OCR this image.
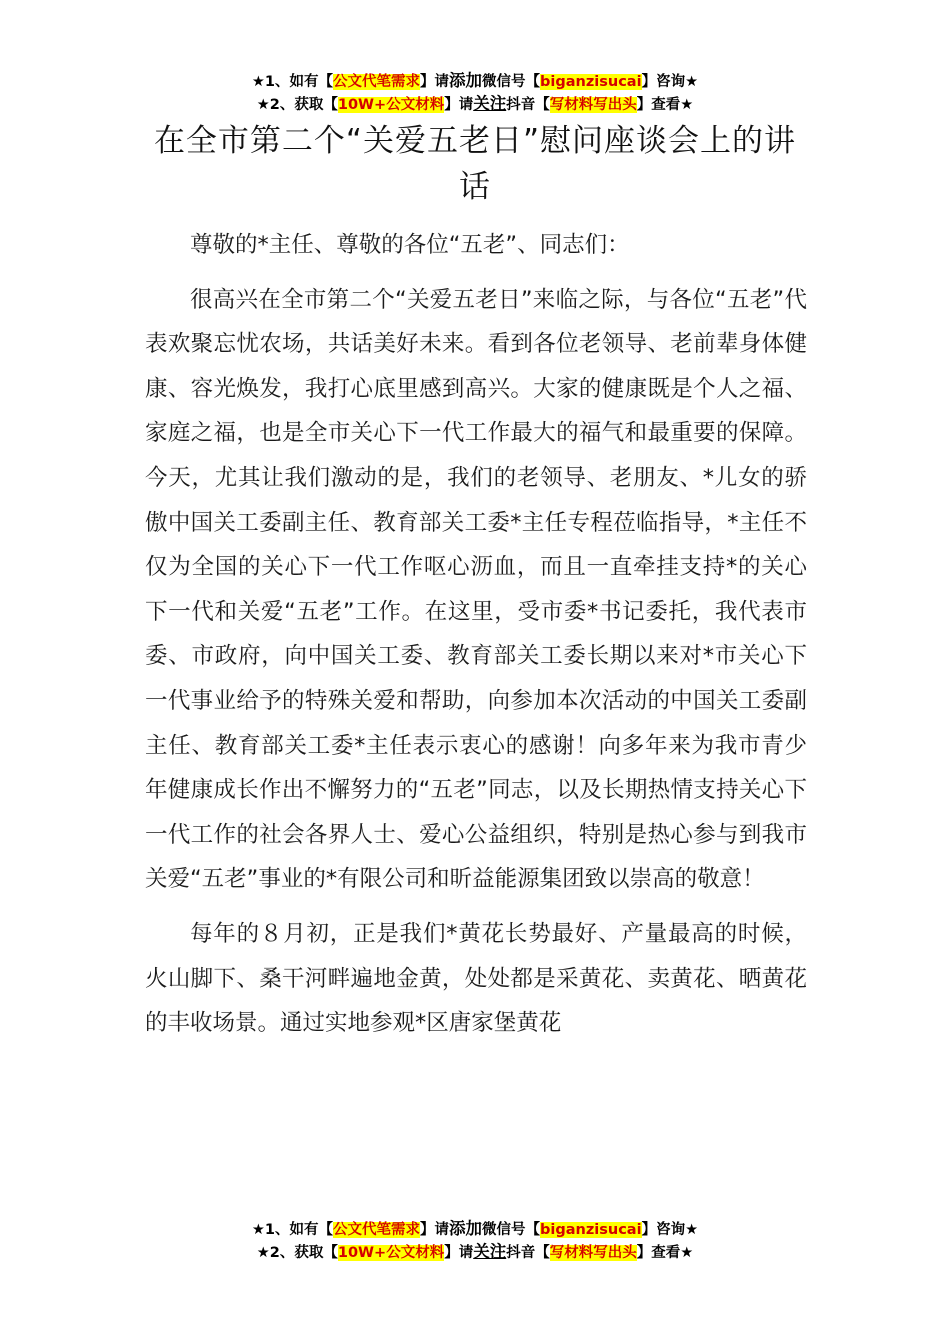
★1、如有【公文代笔需求】请添加微信号【biganzisucai】咨询★
★2、获取【10W+公文材料】请关注抖音【写材料写出头】查看★
在全市第二个“关爱五老日”慰问座谈会上的讲话

尊敬的*主任、尊敬的各位“五老”、同志们：

很高兴在全市第二个“关爱五老日”来临之际，与各位“五老”代表欢聚忘忧农场，共话美好未来。看到各位老领导、老前辈身体健康、容光焕发，我打心底里感到高兴。大家的健康既是个人之福、家庭之福，也是全市关心下一代工作最大的福气和最重要的保障。今天，尤其让我们激动的是，我们的老领导、老朋友、*儿女的骄傲中国关工委副主任、教育部关工委*主任专程莅临指导，*主任不仅为全国的关心下一代工作呕心沥血，而且一直牵挂支持*的关心下一代和关爱“五老”工作。在这里，受市委*书记委托，我代表市委、市政府，向中国关工委、教育部关工委长期以来对*市关心下一代事业给予的特殊关爱和帮助，向参加本次活动的中国关工委副主任、教育部关工委*主任表示衷心的感谢！向多年来为我市青少年健康成长作出不懈努力的“五老”同志，以及长期热情支持关心下一代工作的社会各界人士、爱心公益组织，特别是热心参与到我市关爱“五老”事业的*有限公司和昕益能源集团致以崇高的敬意！

每年的８月初，正是我们*黄花长势最好、产量最高的时候，火山脚下、桑干河畔遍地金黄，处处都是采黄花、卖黄花、晒黄花的丰收场景。通过实地参观*区唐家堡黄花

★1、如有【公文代笔需求】请添加微信号【biganzisucai】咨询★
★2、获取【10W+公文材料】请关注抖音【写材料写出头】查看★
